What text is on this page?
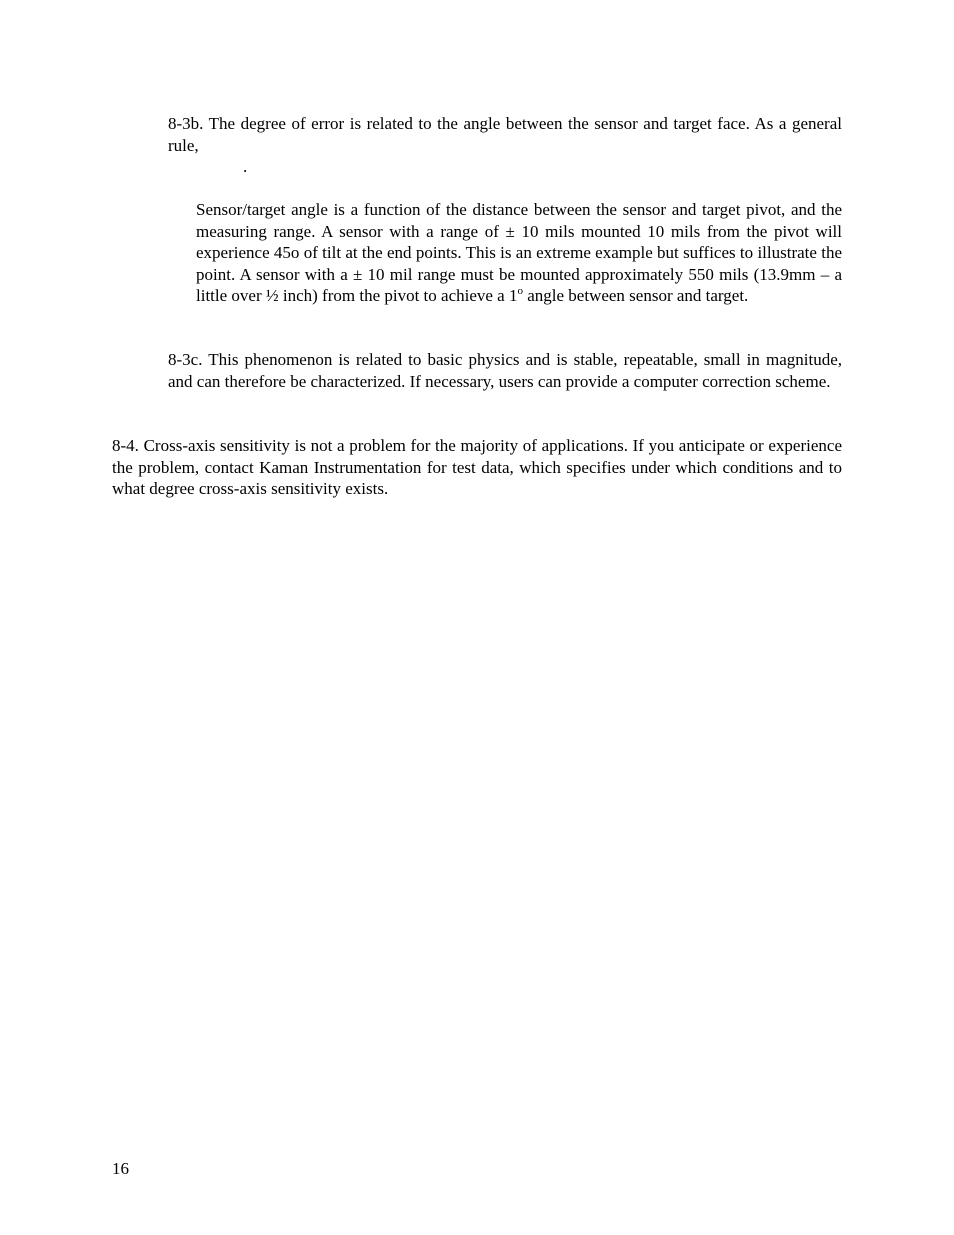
8-3b. The degree of error is related to the angle between the sensor and target face. As a general rule,
.

Sensor/target angle is a function of the distance between the sensor and target pivot, and the measuring range. A sensor with a range of ± 10 mils mounted 10 mils from the pivot will experience 45o of tilt at the end points. This is an extreme example but suffices to illustrate the point. A sensor with a ± 10 mil range must be mounted approximately 550 mils (13.9mm – a little over ½ inch) from the pivot to achieve a 1$^o$ angle between sensor and target.

8-3c. This phenomenon is related to basic physics and is stable, repeatable, small in magnitude, and can therefore be characterized. If necessary, users can provide a computer correction scheme.

8-4. Cross-axis sensitivity is not a problem for the majority of applications. If you anticipate or experience the problem, contact Kaman Instrumentation for test data, which specifies under which conditions and to what degree cross-axis sensitivity exists.

16
